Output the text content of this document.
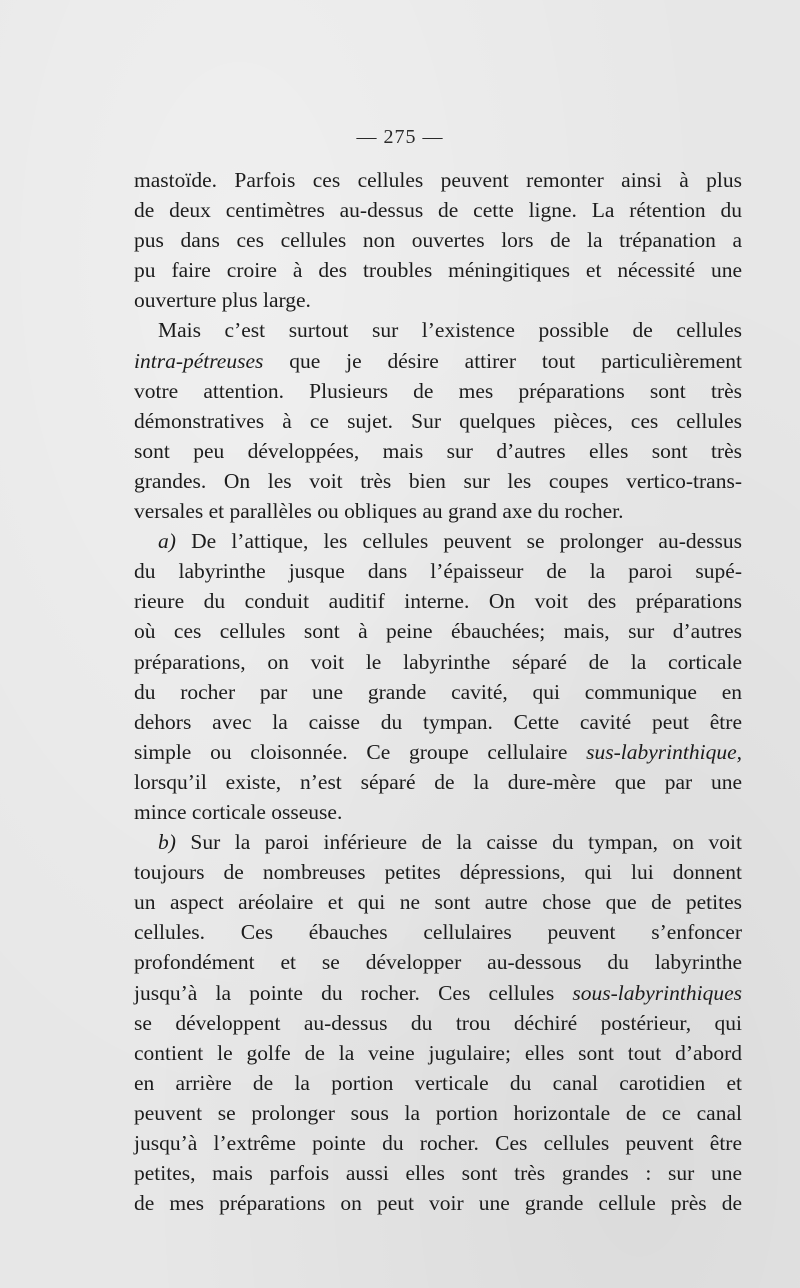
— 275 —
mastoïde. Parfois ces cellules peuvent remonter ainsi à plus
de deux centimètres au-dessus de cette ligne. La rétention du
pus dans ces cellules non ouvertes lors de la trépanation a
pu faire croire à des troubles méningitiques et nécessité une
ouverture plus large.
Mais c’est surtout sur l’existence possible de cellules
intra-pétreuses que je désire attirer tout particulièrement
votre attention. Plusieurs de mes préparations sont très
démonstratives à ce sujet. Sur quelques pièces, ces cellules
sont peu développées, mais sur d’autres elles sont très
grandes. On les voit très bien sur les coupes vertico-trans-
versales et parallèles ou obliques au grand axe du rocher.
a) De l’attique, les cellules peuvent se prolonger au-dessus
du labyrinthe jusque dans l’épaisseur de la paroi supé-
rieure du conduit auditif interne. On voit des préparations
où ces cellules sont à peine ébauchées; mais, sur d’autres
préparations, on voit le labyrinthe séparé de la corticale
du rocher par une grande cavité, qui communique en
dehors avec la caisse du tympan. Cette cavité peut être
simple ou cloisonnée. Ce groupe cellulaire sus-labyrinthique,
lorsqu’il existe, n’est séparé de la dure-mère que par une
mince corticale osseuse.
b) Sur la paroi inférieure de la caisse du tympan, on voit
toujours de nombreuses petites dépressions, qui lui donnent
un aspect aréolaire et qui ne sont autre chose que de petites
cellules. Ces ébauches cellulaires peuvent s’enfoncer
profondément et se développer au-dessous du labyrinthe
jusqu’à la pointe du rocher. Ces cellules sous-labyrinthiques
se développent au-dessus du trou déchiré postérieur, qui
contient le golfe de la veine jugulaire; elles sont tout d’abord
en arrière de la portion verticale du canal carotidien et
peuvent se prolonger sous la portion horizontale de ce canal
jusqu’à l’extrême pointe du rocher. Ces cellules peuvent être
petites, mais parfois aussi elles sont très grandes : sur une
de mes préparations on peut voir une grande cellule près de
